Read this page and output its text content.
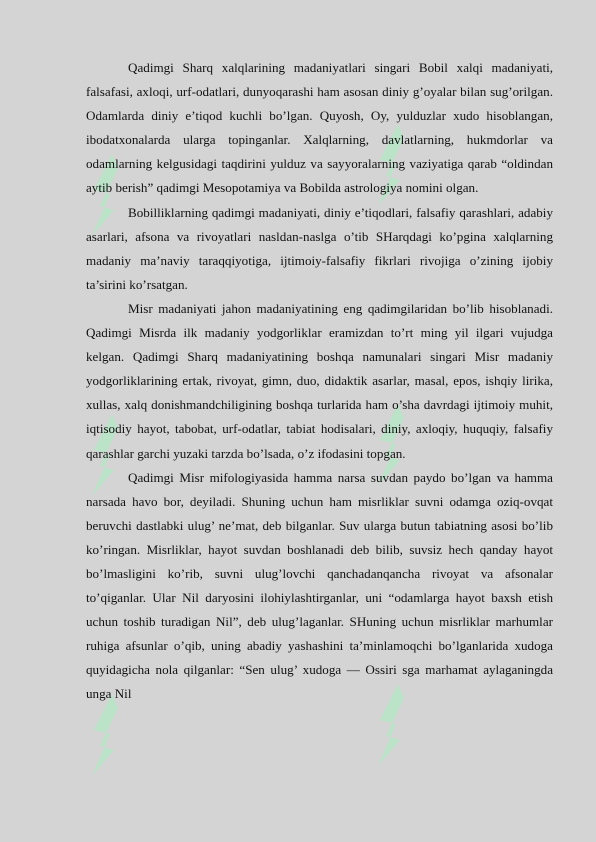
Qadimgi Sharq xalqlarining madaniyatlari singari Bobil xalqi madaniyati, falsafasi, axloqi, urf-odatlari, dunyoqarashi ham asosan diniy g’oyalar bilan sug’orilgan. Odamlarda diniy e’tiqod kuchli bo’lgan. Quyosh, Oy, yulduzlar xudo hisoblangan, ibodatxonalarda ularga topinganlar. Xalqlarning, davlatlarning, hukmdorlar va odamlarning kelgusidagi taqdirini yulduz va sayyoralarning vaziyatiga qarab “oldindan aytib berish” qadimgi Mesopotamiya va Bobilda astrologiya nomini olgan.

Bobilliklarning qadimgi madaniyati, diniy e’tiqodlari, falsafiy qarashlari, adabiy asarlari, afsona va rivoyatlari nasldan-naslga o’tib SHarqdagi ko’pgina xalqlarning madaniy ma’naviy taraqqiyotiga, ijtimoiy-falsafiy fikrlari rivojiga o’zining ijobiy ta’sirini ko’rsatgan.

Misr madaniyati jahon madaniyatining eng qadimgilaridan bo’lib hisoblanadi. Qadimgi Misrda ilk madaniy yodgorliklar eramizdan to’rt ming yil ilgari vujudga kelgan. Qadimgi Sharq madaniyatining boshqa namunalari singari Misr madaniy yodgorliklarining ertak, rivoyat, gimn, duo, didaktik asarlar, masal, epos, ishqiy lirika, xullas, xalq donishmandchiligining boshqa turlarida ham o’sha davrdagi ijtimoiy muhit, iqtisodiy hayot, tabobat, urf-odatlar, tabiat hodisalari, diniy, axloqiy, huquqiy, falsafiy qarashlar garchi yuzaki tarzda bo’lsada, o’z ifodasini topgan.

Qadimgi Misr mifologiyasida hamma narsa suvdan paydo bo’lgan va hamma narsada havo bor, deyiladi. Shuning uchun ham misrliklar suvni odamga oziq-ovqat beruvchi dastlabki ulug’ ne’mat, deb bilganlar. Suv ularga butun tabiatning asosi bo’lib ko’ringan. Misrliklar, hayot suvdan boshlanadi deb bilib, suvsiz hech qanday hayot bo’lmasligini ko’rib, suvni ulug’lovchi qanchadanqancha rivoyat va afsonalar to’qiganlar. Ular Nil daryosini ilohiylashtirganlar, uni “odamlarga hayot baxsh etish uchun toshib turadigan Nil”, deb ulug’laganlar. SHuning uchun misrliklar marhumlar ruhiga afsunlar o’qib, uning abadiy yashashini ta’minlamoqchi bo’lganlarida xudoga quyidagicha nola qilganlar: “Sen ulug’ xudoga — Ossiri sga marhamat aylaganingda unga Nil
